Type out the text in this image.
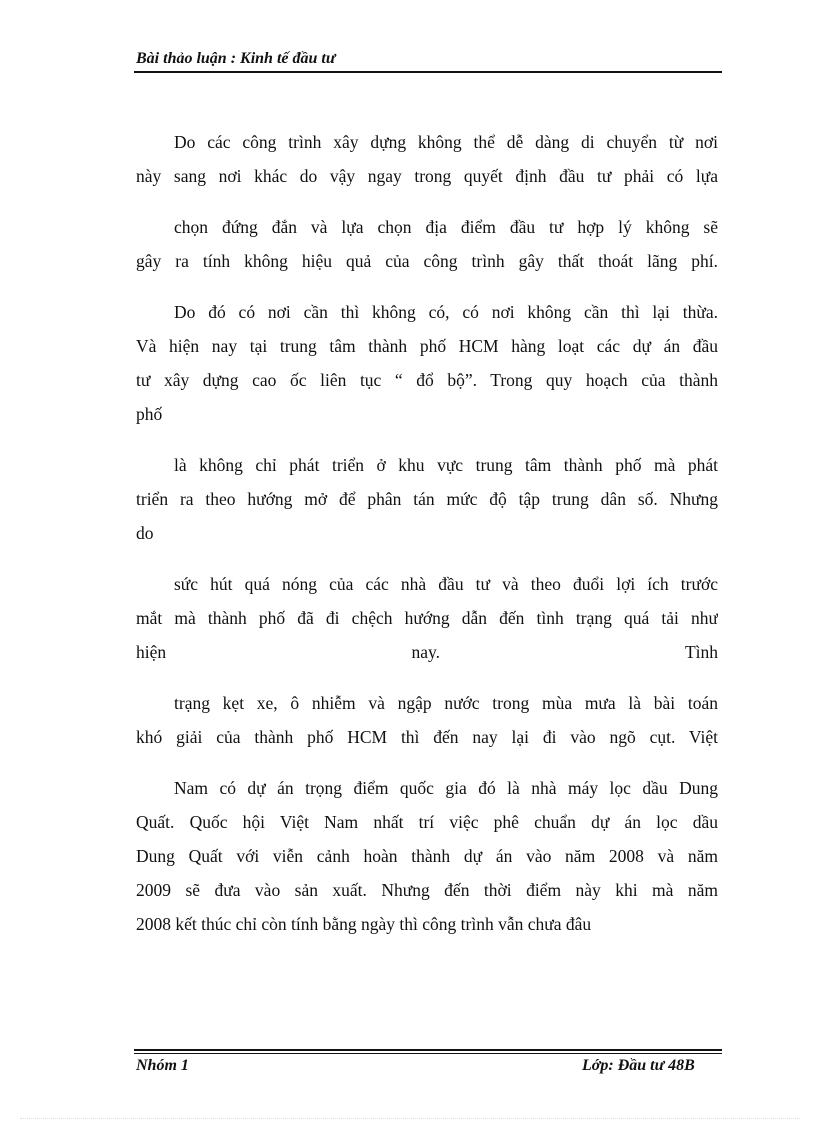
Bài thảo luận : Kinh tế đầu tư
Do các công trình xây dựng không thể dễ dàng di chuyển từ nơi
này sang nơi khác do vậy ngay trong quyết định đầu tư phải có lựa
chọn đứng đắn và lựa chọn địa điểm đầu tư hợp lý không sẽ
gây ra tính không hiệu quả của công trình gây thất thoát lãng phí.
Do đó có nơi cần thì không có, có nơi không cần thì lại thừa.
Và hiện nay tại trung tâm thành phố HCM hàng loạt các dự án đầu
tư xây dựng cao ốc liên tục “ đổ bộ”. Trong quy hoạch của thành
phố
là không chỉ phát triển ở khu vực trung tâm thành phố mà phát
triển ra theo hướng mở để phân tán mức độ tập trung dân số. Nhưng
do
sức hút quá nóng của các nhà đầu tư và theo đuổi lợi ích trước
mắt mà thành phố đã đi chệch hướng dẫn đến tình trạng quá tải như
hiện nay. Tình
trạng kẹt xe, ô nhiễm và ngập nước trong mùa mưa là bài toán
khó giải của thành phố HCM thì đến nay lại đi vào ngõ cụt. Việt
Nam có dự án trọng điểm quốc gia đó là nhà máy lọc dầu Dung
Quất. Quốc hội Việt Nam nhất trí việc phê chuẩn dự án lọc dầu
Dung Quất với viễn cảnh hoàn thành dự án vào năm 2008 và năm
2009 sẽ đưa vào sản xuất. Nhưng đến thời điểm này khi mà năm
2008 kết thúc chỉ còn tính bằng ngày thì công trình vẫn chưa đâu
Nhóm 1	Lớp: Đầu tư 48B
